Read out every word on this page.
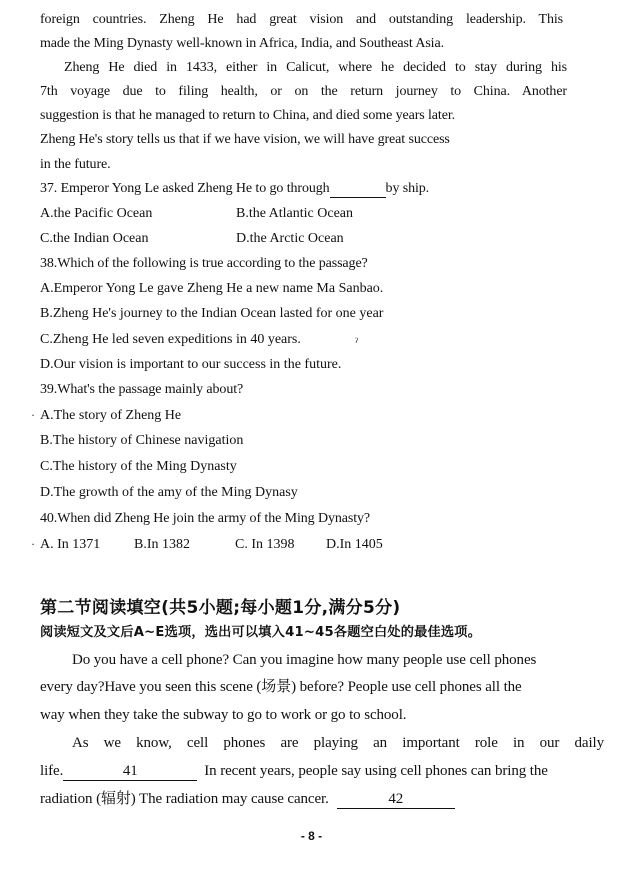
foreign countries. Zheng He had great vision and outstanding leadership. This
made the Ming Dynasty well-known in Africa, India, and Southeast Asia.
Zheng He died in 1433, either in Calicut, where he decided to stay during his
7th voyage due to filing health, or on the return journey to China. Another
suggestion is that he managed to return to China, and died some years later.
Zheng He's story tells us that if we have vision, we will have great success
in the future.
37. Emperor Yong Le asked Zheng He to go through	by ship.
A.the Pacific Ocean	B.the Atlantic Ocean
C.the Indian Ocean	D.the Arctic Ocean
38.Which of the following is true according to the passage?
A.Emperor Yong Le gave Zheng He a new name Ma Sanbao.
B.Zheng He's journey to the Indian Ocean lasted for one year
C.Zheng He led seven expeditions in 40 years.	ˀ
D.Our vision is important to our success in the future.
39.What's the passage mainly about?
· A.The story of Zheng He
B.The history of Chinese navigation
C.The history of the Ming Dynasty
D.The growth of the amy of the Ming Dynasy
40.When did Zheng He join the army of the Ming Dynasty?
· A. In 1371 B.In 1382	C. In 1398 D.In 1405
第二节阅读填空(共5小题;每小题1分,满分5分)
阅读短文及文后A~E选项，选出可以填入41~45各题空白处的最佳选项。
Do you have a cell phone? Can you imagine how many people use cell phones
every day?Have you seen this scene (场景) before? People use cell phones all the
way when they take the subway to go to work or go to school.
As we know, cell phones are playing an important role in our daily
life.	41	In recent years, people say using cell phones can bring the
radiation (辐射) The radiation may cause cancer.	42
- 8 -
